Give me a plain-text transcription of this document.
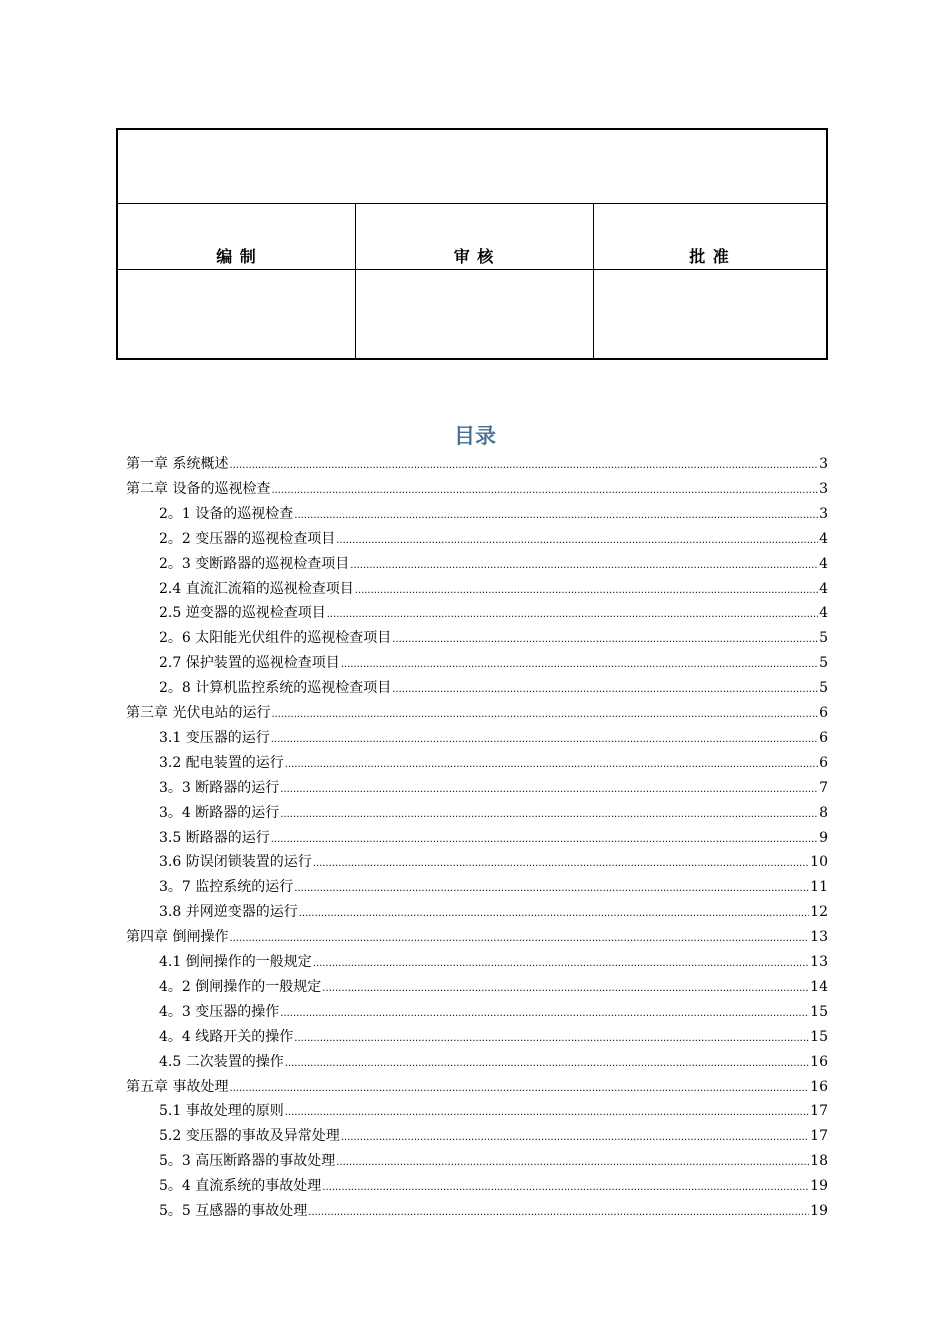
编 制	审 核	批 准
目录
第一章 系统概述 .....	3
第二章 设备的巡视检查 .....	3
2。1 设备的巡视检查 .....	3
2。2 变压器的巡视检查项目 .....	4
2。3 变断路器的巡视检查项目 .....	4
2.4 直流汇流箱的巡视检查项目 .....	4
2.5 逆变器的巡视检查项目 .....	4
2。6 太阳能光伏组件的巡视检查项目 .....	5
2.7 保护装置的巡视检查项目 .....	5
2。8 计算机监控系统的巡视检查项目 .....	5
第三章 光伏电站的运行 .....	6
3.1 变压器的运行 .....	6
3.2 配电装置的运行 .....	6
3。3 断路器的运行 .....	7
3。4 断路器的运行 .....	8
3.5 断路器的运行 .....	9
3.6 防误闭锁装置的运行 .....	10
3。7 监控系统的运行 .....	11
3.8 并网逆变器的运行 .....	12
第四章 倒闸操作 .....	13
4.1 倒闸操作的一般规定 .....	13
4。2 倒闸操作的一般规定 .....	14
4。3 变压器的操作 .....	15
4。4 线路开关的操作 .....	15
4.5 二次装置的操作 .....	16
第五章 事故处理 .....	16
5.1 事故处理的原则 .....	17
5.2 变压器的事故及异常处理 .....	17
5。3 高压断路器的事故处理 .....	18
5。4 直流系统的事故处理 .....	19
5。5 互感器的事故处理 .....	19
